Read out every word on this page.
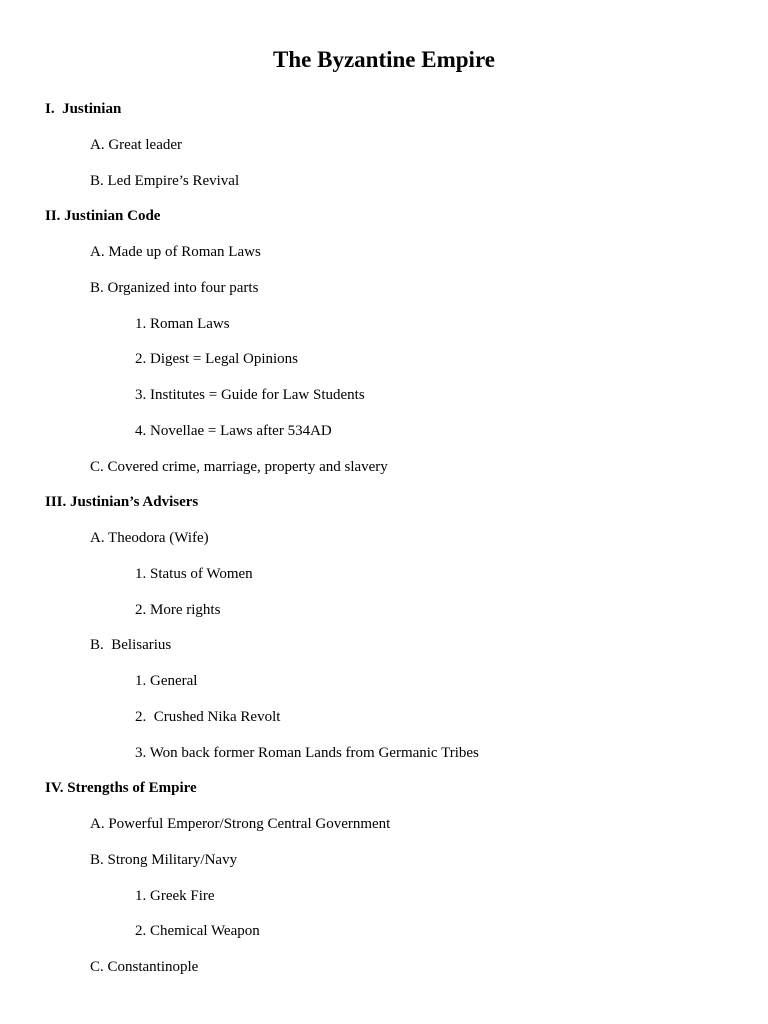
The Byzantine Empire
I.  Justinian
A. Great leader
B. Led Empire’s Revival
II. Justinian Code
A. Made up of Roman Laws
B. Organized into four parts
1. Roman Laws
2. Digest = Legal Opinions
3. Institutes = Guide for Law Students
4. Novellae = Laws after 534AD
C. Covered crime, marriage, property and slavery
III. Justinian’s Advisers
A. Theodora (Wife)
1. Status of Women
2. More rights
B.  Belisarius
1. General
2.  Crushed Nika Revolt
3. Won back former Roman Lands from Germanic Tribes
IV. Strengths of Empire
A. Powerful Emperor/Strong Central Government
B. Strong Military/Navy
1. Greek Fire
2. Chemical Weapon
C. Constantinople
